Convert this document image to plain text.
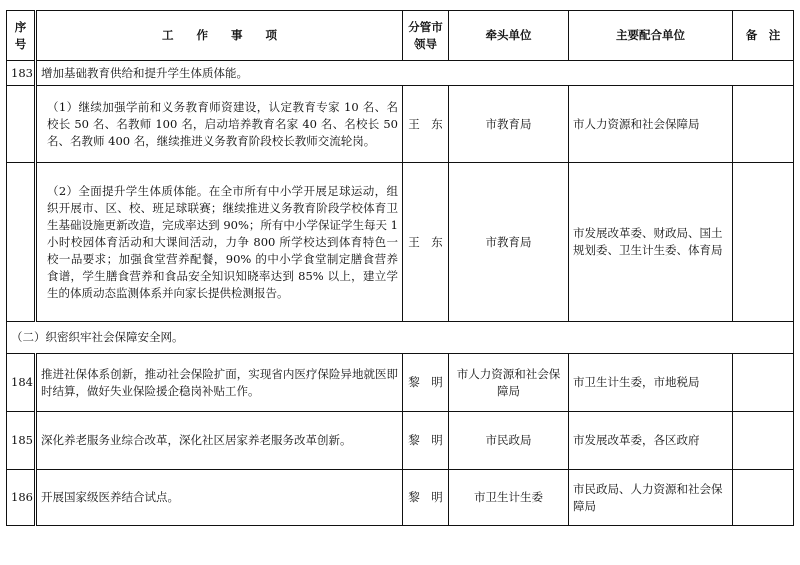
序号	工　　作　　事　　项	分管市领导	牵头单位	主要配合单位	备　注
183	增加基础教育供给和提升学生体质体能。				
	（1）继续加强学前和义务教育师资建设，认定教育专家 10 名、名校长 50 名、名教师 100 名，启动培养教育名家 40 名、名校长 50 名、名教师 400 名，继续推进义务教育阶段校长教师交流轮岗。	王　东	市教育局	市人力资源和社会保障局	
	（2）全面提升学生体质体能。在全市所有中小学开展足球运动，组织开展市、区、校、班足球联赛；继续推进义务教育阶段学校体育卫生基础设施更新改造，完成率达到 90%；所有中小学保证学生每天 1 小时校园体育活动和大课间活动，力争 800 所学校达到体育特色一校一品要求；加强食堂营养配餐，90% 的中小学食堂制定膳食营养食谱，学生膳食营养和食品安全知识知晓率达到 85% 以上，建立学生的体质动态监测体系并向家长提供检测报告。	王　东	市教育局	市发展改革委、财政局、国土规划委、卫生计生委、体育局	
（二）织密织牢社会保障安全网。					
184	推进社保体系创新，推动社会保险扩面，实现省内医疗保险异地就医即时结算，做好失业保险援企稳岗补贴工作。	黎　明	市人力资源和社会保障局	市卫生计生委，市地税局	
185	深化养老服务业综合改革，深化社区居家养老服务改革创新。	黎　明	市民政局	市发展改革委，各区政府	
186	开展国家级医养结合试点。	黎　明	市卫生计生委	市民政局、人力资源和社会保障局	
